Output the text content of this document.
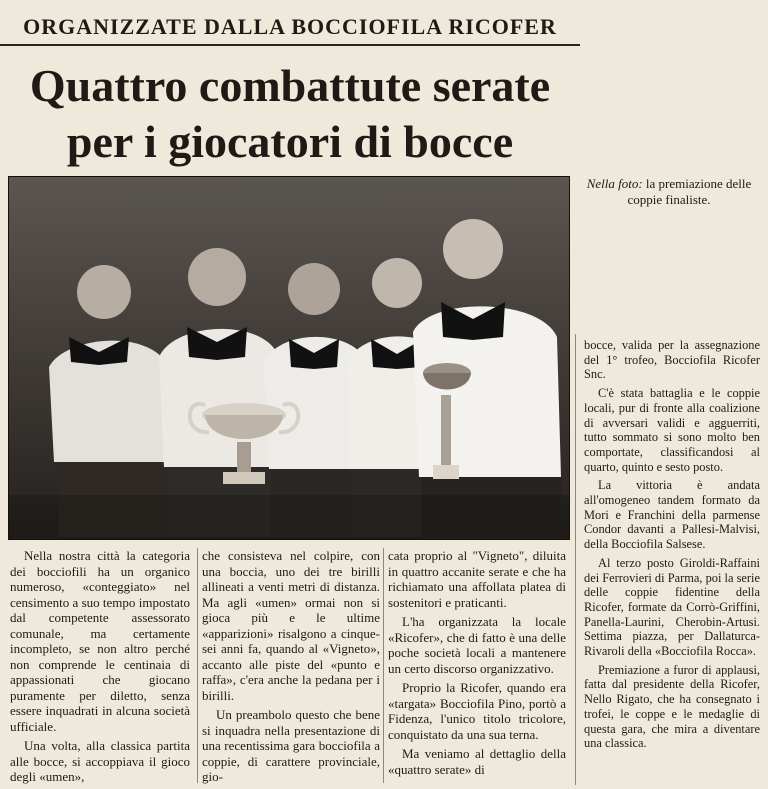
ORGANIZZATE DALLA BOCCIOFILA RICOFER
Quattro combattute serate per i giocatori di bocce
Nella foto: la premiazione delle coppie finaliste.

Nella nostra città la categoria dei bocciofili ha un organico numeroso, «conteggiato» nel censimento a suo tempo impostato dal competente assessorato comunale, ma certamente incompleto, se non altro perché non comprende le centinaia di appassionati che giocano puramente per diletto, senza essere inquadrati in alcuna società ufficiale.

Una volta, alla classica partita alle bocce, si accoppiava il gioco degli «umen»,

che consisteva nel colpire, con una boccia, uno dei tre birilli allineati a venti metri di distanza. Ma agli «umen» ormai non si gioca più e le ultime «apparizioni» risalgono a cinque-sei anni fa, quando al «Vigneto», accanto alle piste del «punto e raffa», c'era anche la pedana per i birilli.

Un preambolo questo che bene si inquadra nella presentazione di una recentissima gara bocciofila a coppie, di carattere provinciale, gio-

cata proprio al "Vigneto", diluita in quattro accanite serate e che ha richiamato una affollata platea di sostenitori e praticanti.

L'ha organizzata la locale «Ricofer», che di fatto è una delle poche società locali a mantenere un certo discorso organizzativo.

Proprio la Ricofer, quando era «targata» Bocciofila Pino, portò a Fidenza, l'unico titolo tricolore, conquistato da una sua terna.

Ma veniamo al dettaglio della «quattro serate» di

bocce, valida per la assegnazione del 1° trofeo, Bocciofila Ricofer Snc.

C'è stata battaglia e le coppie locali, pur di fronte alla coalizione di avversari validi e agguerriti, tutto sommato si sono molto ben comportate, classificandosi al quarto, quinto e sesto posto.

La vittoria è andata all'omogeneo tandem formato da Mori e Franchini della parmense Condor davanti a Pallesi-Malvisi, della Bocciofila Salsese.

Al terzo posto Giroldi-Raffaini dei Ferrovieri di Parma, poi la serie delle coppie fidentine della Ricofer, formate da Corrò-Griffini, Panella-Laurini, Cherobin-Artusi. Settima piazza, per Dallaturca-Rivaroli della «Bocciofila Rocca».

Premiazione a furor di applausi, fatta dal presidente della Ricofer, Nello Rigato, che ha consegnato i trofei, le coppe e le medaglie di questa gara, che mira a diventare una classica.
